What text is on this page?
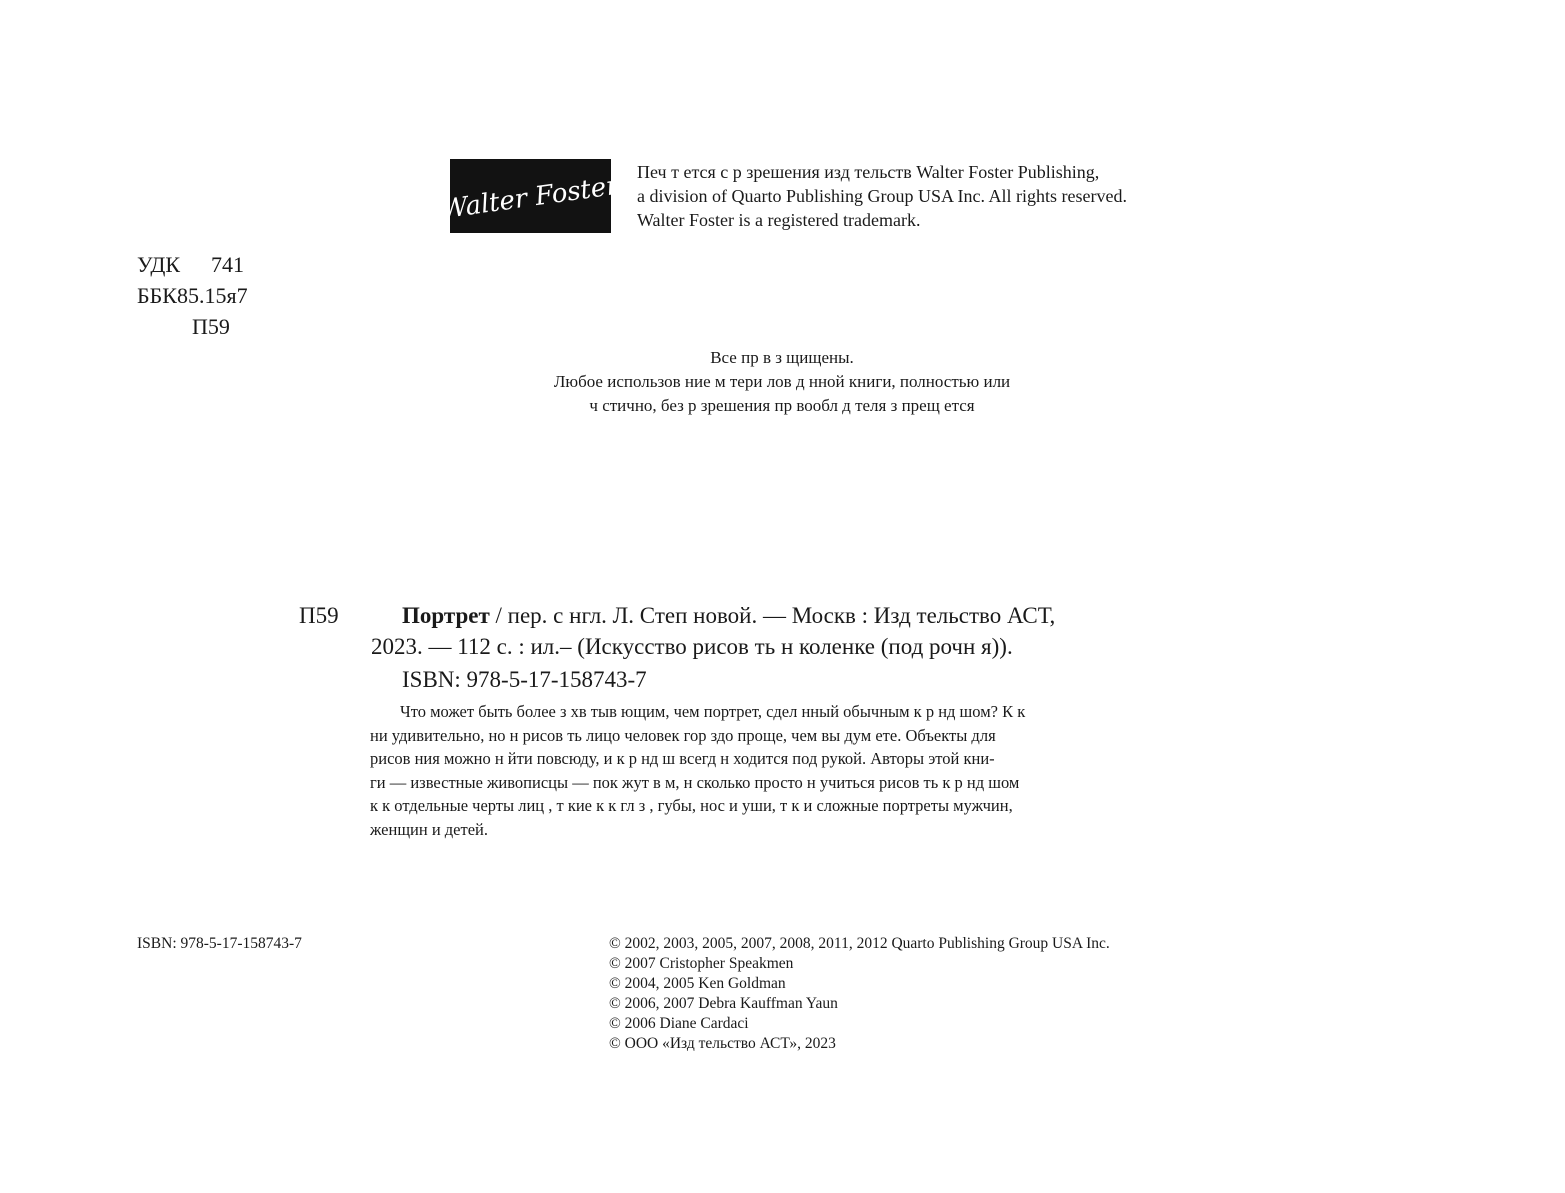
Walter Foster Печ т ется с р зрешения изд тельств Walter Foster Publishing,
a division of Quarto Publishing Group USA Inc. All rights reserved.
Walter Foster is a registered trademark.
УДК 741
ББК85.15я7
П59
Все пр в з щищены.
Любое использов ние м тери лов д нной книги, полностью или
ч стично, без р зрешения пр вообл д теля з прещ ется
П59	Портрет / пер. с нгл. Л. Степ новой. — Москв : Изд тельство АСТ,
2023. — 112 с. : ил.– (Искусство рисов ть н коленке (под рочн я)).
ISBN: 978-5-17-158743-7
Что может быть более з хв тыв ющим, чем портрет, сдел нный обычным к р нд шом? К к
ни удивительно, но н рисов ть лицо человек гор здо проще, чем вы дум ете. Объекты для
рисов ния можно н йти повсюду, и к р нд ш всегд н ходится под рукой. Авторы этой кни-
ги — известные живописцы — пок жут в м, н сколько просто н учиться рисов ть к р нд шом
к к отдельные черты лиц , т кие к к гл з , губы, нос и уши, т к и сложные портреты мужчин,
женщин и детей.
ISBN: 978-5-17-158743-7	© 2002, 2003, 2005, 2007, 2008, 2011, 2012 Quarto Publishing Group USA Inc.
© 2007 Cristopher Speakmen
© 2004, 2005 Ken Goldman
© 2006, 2007 Debra Kauffman Yaun
© 2006 Diane Cardaci
© ООО «Изд тельство АСТ», 2023
